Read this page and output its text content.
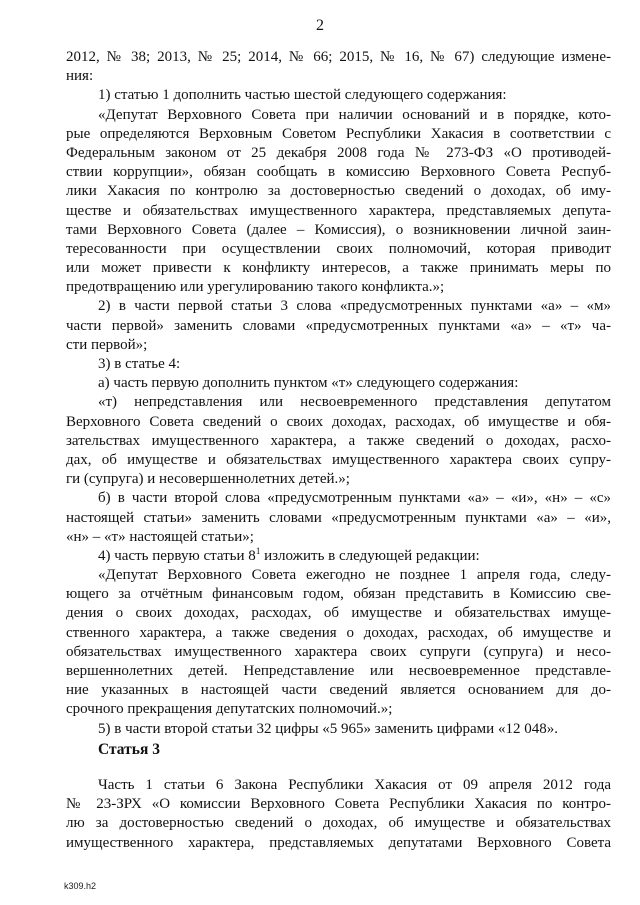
2
2012, № 38; 2013, № 25; 2014, № 66; 2015, № 16, № 67) следующие измене-
ния:
1) статью 1 дополнить частью шестой следующего содержания:
«Депутат Верховного Совета при наличии оснований и в порядке, кото-
рые определяются Верховным Советом Республики Хакасия в соответствии с
Федеральным законом от 25 декабря 2008 года № 273-ФЗ «О противодей-
ствии коррупции», обязан сообщать в комиссию Верховного Совета Респуб-
лики Хакасия по контролю за достоверностью сведений о доходах, об иму-
ществе и обязательствах имущественного характера, представляемых депута-
тами Верховного Совета (далее – Комиссия), о возникновении личной заин-
тересованности при осуществлении своих полномочий, которая приводит
или может привести к конфликту интересов, а также принимать меры по
предотвращению или урегулированию такого конфликта.»;
2) в части первой статьи 3 слова «предусмотренных пунктами «а» – «м»
части первой» заменить словами «предусмотренных пунктами «а» – «т» ча-
сти первой»;
3) в статье 4:
а) часть первую дополнить пунктом «т» следующего содержания:
«т) непредставления или несвоевременного представления депутатом
Верховного Совета сведений о своих доходах, расходах, об имуществе и обя-
зательствах имущественного характера, а также сведений о доходах, расхо-
дах, об имуществе и обязательствах имущественного характера своих супру-
ги (супруга) и несовершеннолетних детей.»;
б) в части второй слова «предусмотренным пунктами «а» – «и», «н» – «с»
настоящей статьи» заменить словами «предусмотренным пунктами «а» – «и»,
«н» – «т» настоящей статьи»;
4) часть первую статьи $8^1$ изложить в следующей редакции:
«Депутат Верховного Совета ежегодно не позднее 1 апреля года, следу-
ющего за отчётным финансовым годом, обязан представить в Комиссию све-
дения о своих доходах, расходах, об имуществе и обязательствах имуще-
ственного характера, а также сведения о доходах, расходах, об имуществе и
обязательствах имущественного характера своих супруги (супруга) и несо-
вершеннолетних детей. Непредставление или несвоевременное представле-
ние указанных в настоящей части сведений является основанием для до-
срочного прекращения депутатских полномочий.»;
5) в части второй статьи 32 цифры «5 965» заменить цифрами «12 048».
Статья 3
Часть 1 статьи 6 Закона Республики Хакасия от 09 апреля 2012 года
№ 23-ЗРХ «О комиссии Верховного Совета Республики Хакасия по контро-
лю за достоверностью сведений о доходах, об имуществе и обязательствах
имущественного характера, представляемых депутатами Верховного Совета
k309.h2
